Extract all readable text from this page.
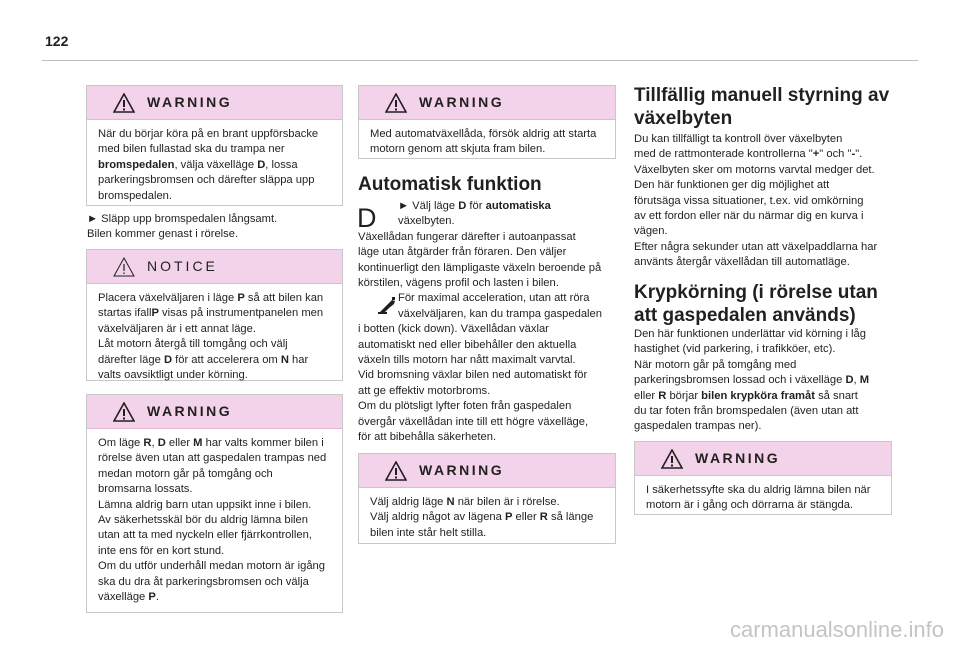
122
WARNING
När du börjar köra på en brant uppförsbacke
med bilen fullastad ska du trampa ner
bromspedalen, välja växelläge D, lossa
parkeringsbromsen och därefter släppa upp
bromspedalen.
► Släpp upp bromspedalen långsamt.
Bilen kommer genast i rörelse.
NOTICE
Placera växelväljaren i läge P så att bilen kan
startas ifallP visas på instrumentpanelen men
växelväljaren är i ett annat läge.
Låt motorn återgå till tomgång och välj
därefter läge D för att accelerera om N har
valts oavsiktligt under körning.
WARNING
Om läge R, D eller M har valts kommer bilen i
rörelse även utan att gaspedalen trampas ned
medan motorn går på tomgång och
bromsarna lossats.
Lämna aldrig barn utan uppsikt inne i bilen.
Av säkerhetsskäl bör du aldrig lämna bilen
utan att ta med nyckeln eller fjärrkontrollen,
inte ens för en kort stund.
Om du utför underhåll medan motorn är igång
ska du dra åt parkeringsbromsen och välja
växelläge P.
WARNING
Med automatväxellåda, försök aldrig att starta
motorn genom att skjuta fram bilen.
Automatisk funktion
D	► Välj läge D för automatiska
växelbyten.
Växellådan fungerar därefter i autoanpassat
läge utan åtgärder från föraren. Den väljer
kontinuerligt den lämpligaste växeln beroende på
körstilen, vägens profil och lasten i bilen.
För maximal acceleration, utan att röra
växelväljaren, kan du trampa gaspedalen
i botten (kick down). Växellådan växlar
automatiskt ned eller bibehåller den aktuella
växeln tills motorn har nått maximalt varvtal.
Vid bromsning växlar bilen ned automatiskt för
att ge effektiv motorbroms.
Om du plötsligt lyfter foten från gaspedalen
övergår växellådan inte till ett högre växelläge,
för att bibehålla säkerheten.
WARNING
Välj aldrig läge N när bilen är i rörelse.
Välj aldrig något av lägena P eller R så länge
bilen inte står helt stilla.
Tillfällig manuell styrning av
växelbyten
Du kan tillfälligt ta kontroll över växelbyten
med de rattmonterade kontrollerna "+" och "-".
Växelbyten sker om motorns varvtal medger det.
Den här funktionen ger dig möjlighet att
förutsäga vissa situationer, t.ex. vid omkörning
av ett fordon eller när du närmar dig en kurva i
vägen.
Efter några sekunder utan att växelpaddlarna har
använts återgår växellådan till automatläge.
Krypkörning (i rörelse utan
att gaspedalen används)
Den här funktionen underlättar vid körning i låg
hastighet (vid parkering, i trafikköer, etc).
När motorn går på tomgång med
parkeringsbromsen lossad och i växelläge D, M
eller R börjar bilen krypköra framåt så snart
du tar foten från bromspedalen (även utan att
gaspedalen trampas ner).
WARNING
I säkerhetssyfte ska du aldrig lämna bilen när
motorn är i gång och dörrarna är stängda.
carmanualsonline.info
